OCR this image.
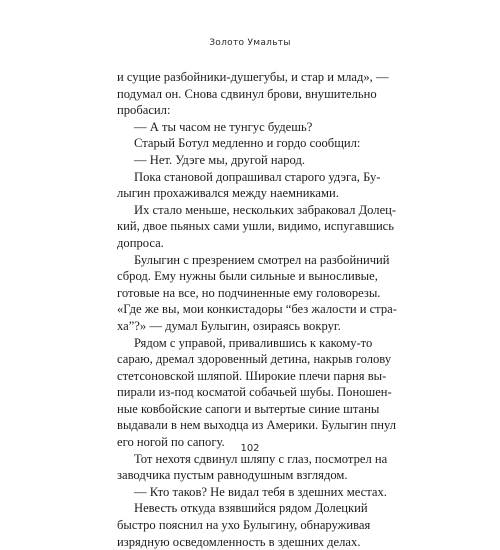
Золото Умальты
и сущие разбойники-душегубы, и стар и млад», —
подумал он. Снова сдвинул брови, внушительно
пробасил:
— А ты часом не тунгус будешь?
Старый Ботул медленно и гордо сообщил:
— Нет. Удэге мы, другой народ.
Пока становой допрашивал старого удэга, Бу-
лыгин прохаживался между наемниками.
Их стало меньше, нескольких забраковал Долец-
кий, двое пьяных сами ушли, видимо, испугавшись
допроса.
Булыгин с презрением смотрел на разбойничий
сброд. Ему нужны были сильные и выносливые,
готовые на все, но подчиненные ему головорезы.
«Где же вы, мои конкистадоры “без жалости и стра-
ха”?» — думал Булыгин, озираясь вокруг.
Рядом с управой, привалившись к какому-то
сараю, дремал здоровенный детина, накрыв голову
стетсоновской шляпой. Широкие плечи парня вы-
пирали из-под косматой собачьей шубы. Поношен-
ные ковбойские сапоги и вытертые синие штаны
выдавали в нем выходца из Америки. Булыгин пнул
его ногой по сапогу.
Тот нехотя сдвинул шляпу с глаз, посмотрел на
заводчика пустым равнодушным взглядом.
— Кто таков? Не видал тебя в здешних местах.
Невесть откуда взявшийся рядом Долецкий
быстро пояснил на ухо Булыгину, обнаруживая
изрядную осведомленность в здешних делах.
102
